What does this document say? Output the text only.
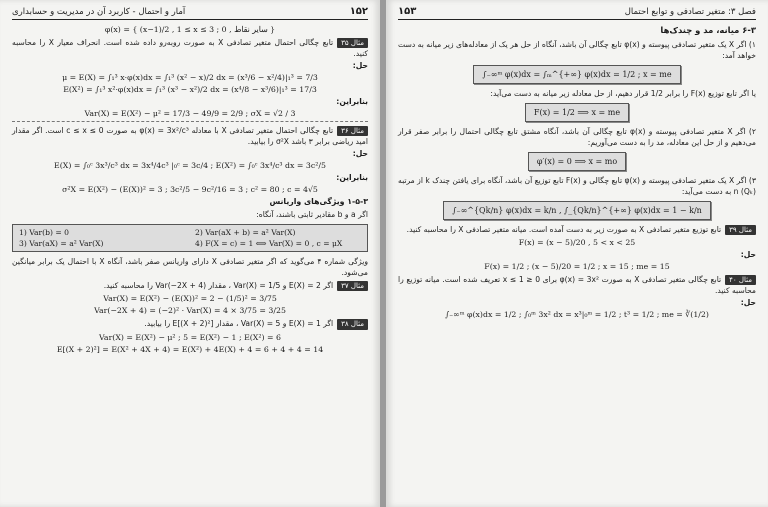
۱۵۲
آمار و احتمال - کاربرد آن در مدیریت و حسابداری
φ(x) = { (x−1)/2 , 1 ≤ x ≤ 3 ; 0 , سایر نقاط }

مثال ۳۵تابع چگالی احتمال متغیر تصادفی X به صورت روبه‌رو داده شده است. انحراف معیار X را محاسبه کنید.

حل:
μ = E(X) = ∫₁³ x·φ(x)dx = ∫₁³ (x² − x)/2 dx = (x³/6 − x²/4)|₁³ = 7/3
E(X²) = ∫₁³ x²·φ(x)dx = ∫₁³ (x³ − x²)/2 dx = (x⁴/8 − x³/6)|₁³ = 17/3
بنابراین:
Var(X) = E(X²) − μ² = 17/3 − 49/9 = 2/9 ; σX = √2 / 3

مثال ۳۶تابع چگالی احتمال متغیر تصادفی X با معادله φ(x) = 3x²/c³ به صورت c ≤ x ≤ 0 است. اگر مقدار امید ریاضی برابر ۳ باشد σ²X را بیابید.

حل:
E(X) = ∫₀ᶜ 3x³/c³ dx = 3x⁴/4c³ |₀ᶜ = 3c/4 ; E(X²) = ∫₀ᶜ 3x⁴/c³ dx = 3c²/5
بنابراین:
σ²X = E(X²) − (E(X))² = 3 ; 3c²/5 − 9c²/16 = 3 ; c² = 80 ; c = 4√5
۱-۵-۳ ویژگی‌های واریانس

اگر a و b مقادیر ثابتی باشند، آنگاه:

1) Var(b) = 0	2) Var(aX + b) = a² Var(X)
3) Var(aX) = a² Var(X)	4) F(X = c) = 1 ⟺ Var(X) = 0 , c = μX

ویژگی شماره ۴ می‌گوید که اگر متغیر تصادفی X دارای واریانس صفر باشد، آنگاه X با احتمال یک برابر میانگین می‌شود.

مثال ۳۷اگر E(X) = 2 و Var(X) = 1/5 ، مقدار Var(−2X + 4) را محاسبه کنید.

Var(X) = E(X²) − (E(X))² = 2 − (1/5)² = 3/75
Var(−2X + 4) = (−2)² · Var(X) = 4 × 3/75 = 3/25

مثال ۳۸اگر E(X) = 1 و Var(X) = 5 ، مقدار E[(X + 2)²] را بیابید.

Var(X) = E(X²) − μ² ; 5 = E(X²) − 1 ; E(X²) = 6
E[(X + 2)²] = E(X² + 4X + 4) = E(X²) + 4E(X) + 4 = 6 + 4 + 4 = 14
فصل ۳: متغیر تصادفی و توابع احتمال
۱۵۳
۶-۳ میانه، مد و چندک‌ها

۱) اگر X یک متغیر تصادفی پیوسته و φ(x) تابع چگالی آن باشد، آنگاه از حل هر یک از معادله‌های زیر میانه به دست خواهد آمد:

∫₋∞ᵐ φ(x)dx = ∫ₘ^{+∞} φ(x)dx = 1/2 ; x = me

یا اگر تابع توزیع F(x) را برابر 1/2 قرار دهیم، از حل معادله زیر میانه به دست می‌آید:

F(x) = 1/2 ⟹ x = me

۲) اگر X متغیر تصادفی پیوسته و φ(x) تابع چگالی آن باشد، آنگاه مشتق تابع چگالی احتمال را برابر صفر قرار می‌دهیم و از حل این معادله، مد را به دست می‌آوریم:

φ′(x) = 0 ⟹ x = mo

۳) اگر X یک متغیر تصادفی پیوسته و φ(x) تابع چگالی و F(x) تابع توزیع آن باشد، آنگاه برای یافتن چندک k از مرتبه n (Qₖ) به دست می‌آید:

∫₋∞^{Qk/n} φ(x)dx = k/n , ∫_{Qk/n}^{+∞} φ(x)dx = 1 − k/n

مثال ۳۹تابع توزیع متغیر تصادفی X به صورت زیر به دست آمده است. میانه متغیر تصادفی X را محاسبه کنید.

F(x) = (x − 5)/20 , 5 < x < 25
حل:
F(x) = 1/2 ; (x − 5)/20 = 1/2 ; x = 15 ; me = 15

مثال ۴۰تابع چگالی متغیر تصادفی X به صورت φ(x) = 3x² برای 0 ≤ x ≤ 1 تعریف شده است. میانه توزیع را محاسبه کنید.

حل:
∫₋∞ᵐ φ(x)dx = 1/2 ; ∫₀ᵐ 3x² dx = x³|₀ᵐ = 1/2 ; t³ = 1/2 ; me = ∛(1/2)
